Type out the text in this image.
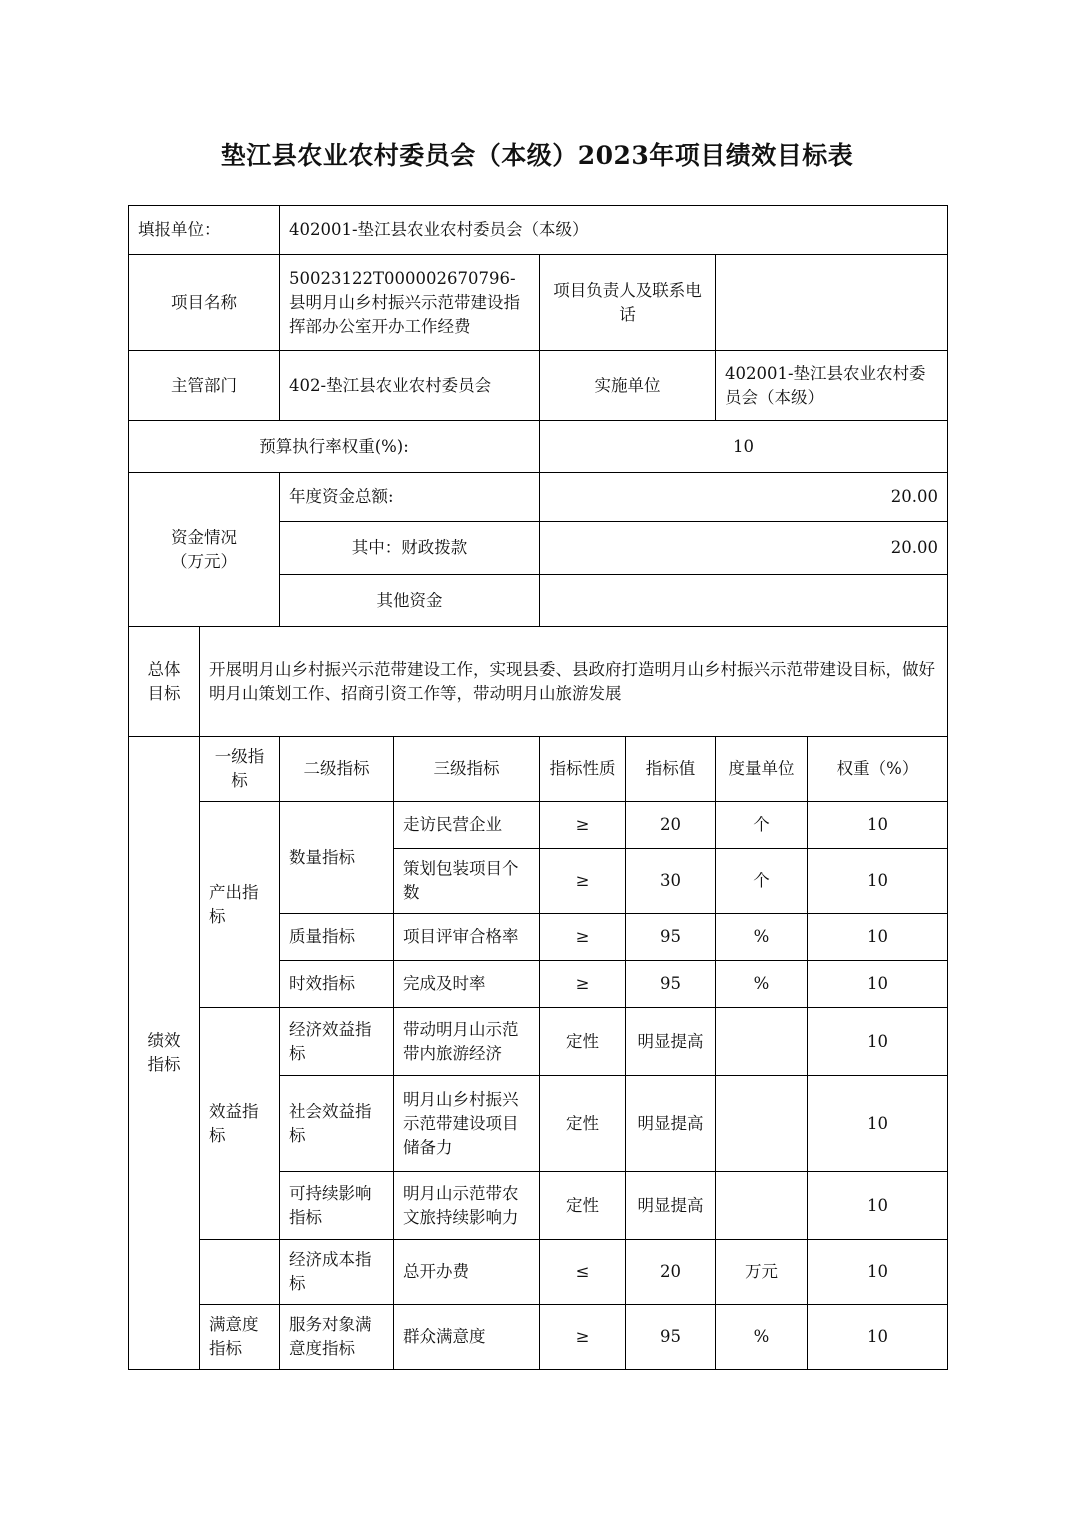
垫江县农业农村委员会（本级）2023年项目绩效目标表
填报单位：		402001-垫江县农业农村委员会（本级）					
项目名称		50023122T000002670796-县明月山乡村振兴示范带建设指挥部办公室开办工作经费		项目负责人及联系电话			
主管部门		402-垫江县农业农村委员会		实施单位		402001-垫江县农业农村委员会（本级）	
预算执行率权重(%):				10			
资金情况（万元）		年度资金总额:		20.00			
		其中：财政拨款		20.00			
		其他资金					
总体目标	开展明月山乡村振兴示范带建设工作，实现县委、县政府打造明月山乡村振兴示范带建设目标，做好明月山策划工作、招商引资工作等，带动明月山旅游发展						
绩效指标	一级指标	二级指标	三级指标	指标性质	指标值	度量单位	权重（%）
	产出指标	数量指标	走访民营企业	≥	20	个	10
			策划包装项目个数	≥	30	个	10
		质量指标	项目评审合格率	≥	95	%	10
		时效指标	完成及时率	≥	95	%	10
	效益指标	经济效益指标	带动明月山示范带内旅游经济	定性	明显提高		10
		社会效益指标	明月山乡村振兴示范带建设项目储备力	定性	明显提高		10
		可持续影响指标	明月山示范带农文旅持续影响力	定性	明显提高		10
		经济成本指标	总开办费	≤	20	万元	10
	满意度指标	服务对象满意度指标	群众满意度	≥	95	%	10
